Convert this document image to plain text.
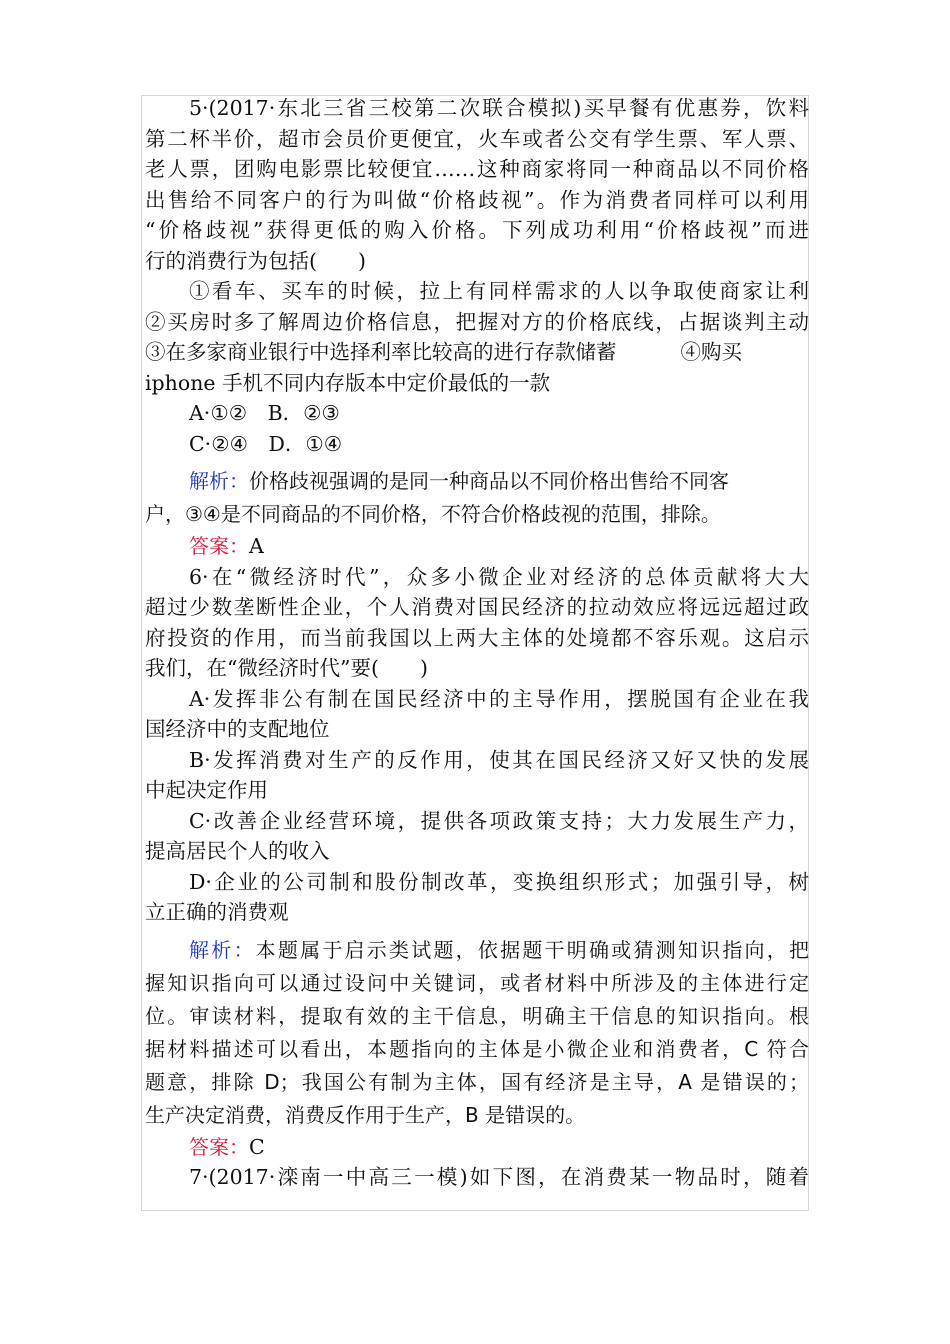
5·(2017·东北三省三校第二次联合模拟)买早餐有优惠券，饮料
第二杯半价，超市会员价更便宜，火车或者公交有学生票、军人票、
老人票，团购电影票比较便宜……这种商家将同一种商品以不同价格
出售给不同客户的行为叫做“价格歧视”。作为消费者同样可以利用
“价格歧视”获得更低的购入价格。下列成功利用“价格歧视”而进
行的消费行为包括(　　)
①看车、买车的时候，拉上有同样需求的人以争取使商家让利
②买房时多了解周边价格信息，把握对方的价格底线，占据谈判主动
③在多家商业银行中选择利率比较高的进行存款储蓄	④购买
iphone 手机不同内存版本中定价最低的一款
A·①②　B．②③
C·②④　D．①④
解析：价格歧视强调的是同一种商品以不同价格出售给不同客
户，③④是不同商品的不同价格，不符合价格歧视的范围，排除。
答案：A
6·在“微经济时代”，众多小微企业对经济的总体贡献将大大
超过少数垄断性企业，个人消费对国民经济的拉动效应将远远超过政
府投资的作用，而当前我国以上两大主体的处境都不容乐观。这启示
我们，在“微经济时代”要(　　)
A·发挥非公有制在国民经济中的主导作用，摆脱国有企业在我
国经济中的支配地位
B·发挥消费对生产的反作用，使其在国民经济又好又快的发展
中起决定作用
C·改善企业经营环境，提供各项政策支持；大力发展生产力，
提高居民个人的收入
D·企业的公司制和股份制改革，变换组织形式；加强引导，树
立正确的消费观
解析：本题属于启示类试题，依据题干明确或猜测知识指向，把
握知识指向可以通过设问中关键词，或者材料中所涉及的主体进行定
位。审读材料，提取有效的主干信息，明确主干信息的知识指向。根
据材料描述可以看出，本题指向的主体是小微企业和消费者，C 符合
题意，排除 D；我国公有制为主体，国有经济是主导，A 是错误的；
生产决定消费，消费反作用于生产，B 是错误的。
答案：C
7·(2017·滦南一中高三一模)如下图，在消费某一物品时，随着
